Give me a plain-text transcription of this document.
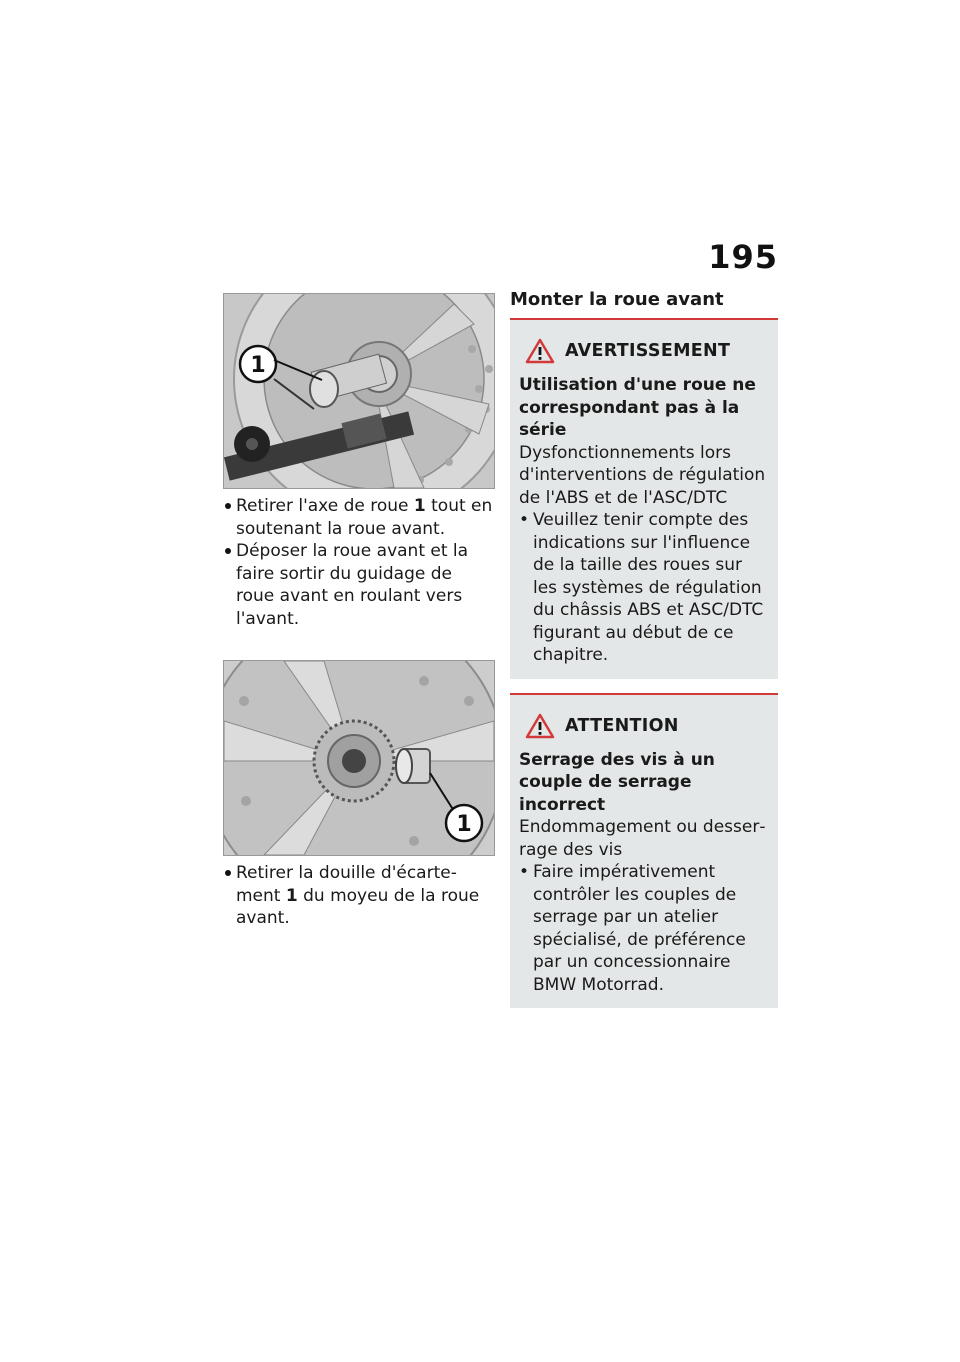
195
1
Retirer l'axe de roue 1 tout en soutenant la roue avant.
Déposer la roue avant et la faire sortir du guidage de roue avant en roulant vers l'avant.
1
Retirer la douille d'écartement 1 du moyeu de la roue avant.
Monter la roue avant
AVERTISSEMENT

Utilisation d'une roue ne correspondant pas à la série

Dysfonctionnements lors d'interventions de régulation de l'ABS et de l'ASC/DTC

• Veuillez tenir compte des indications sur l'influence de la taille des roues sur les systèmes de régulation du châssis ABS et ASC/DTC figurant au début de ce chapitre.
ATTENTION

Serrage des vis à un couple de serrage incorrect

Endommagement ou desserrage des vis

• Faire impérativement contrôler les couples de serrage par un atelier spécialisé, de préférence par un concessionnaire BMW Motorrad.
